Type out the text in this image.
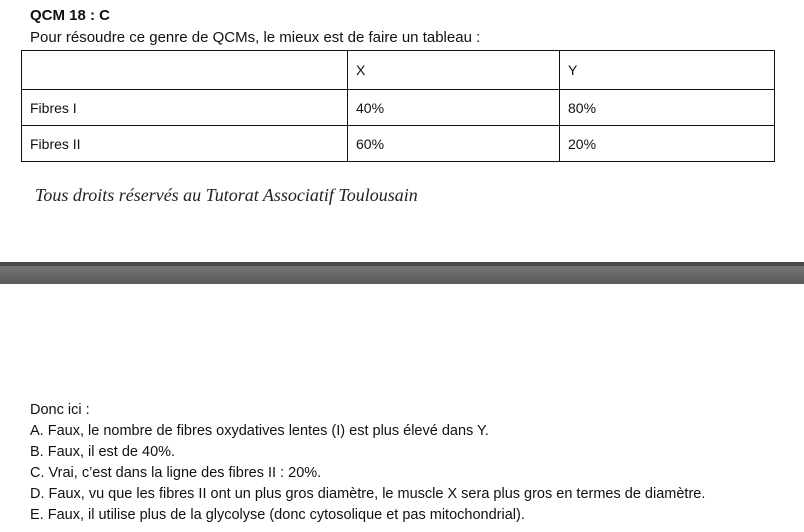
QCM 18 : C
Pour résoudre ce genre de QCMs, le mieux est de faire un tableau :
	X	Y
Fibres I	40%	80%
Fibres II	60%	20%
Tous droits réservés au Tutorat Associatif Toulousain
Donc ici :
A. Faux, le nombre de fibres oxydatives lentes (I) est plus élevé dans Y.
B. Faux, il est de 40%.
C. Vrai, c’est dans la ligne des fibres II : 20%.
D. Faux, vu que les fibres II ont un plus gros diamètre, le muscle X sera plus gros en termes de diamètre.
E. Faux, il utilise plus de la glycolyse (donc cytosolique et pas mitochondrial).
